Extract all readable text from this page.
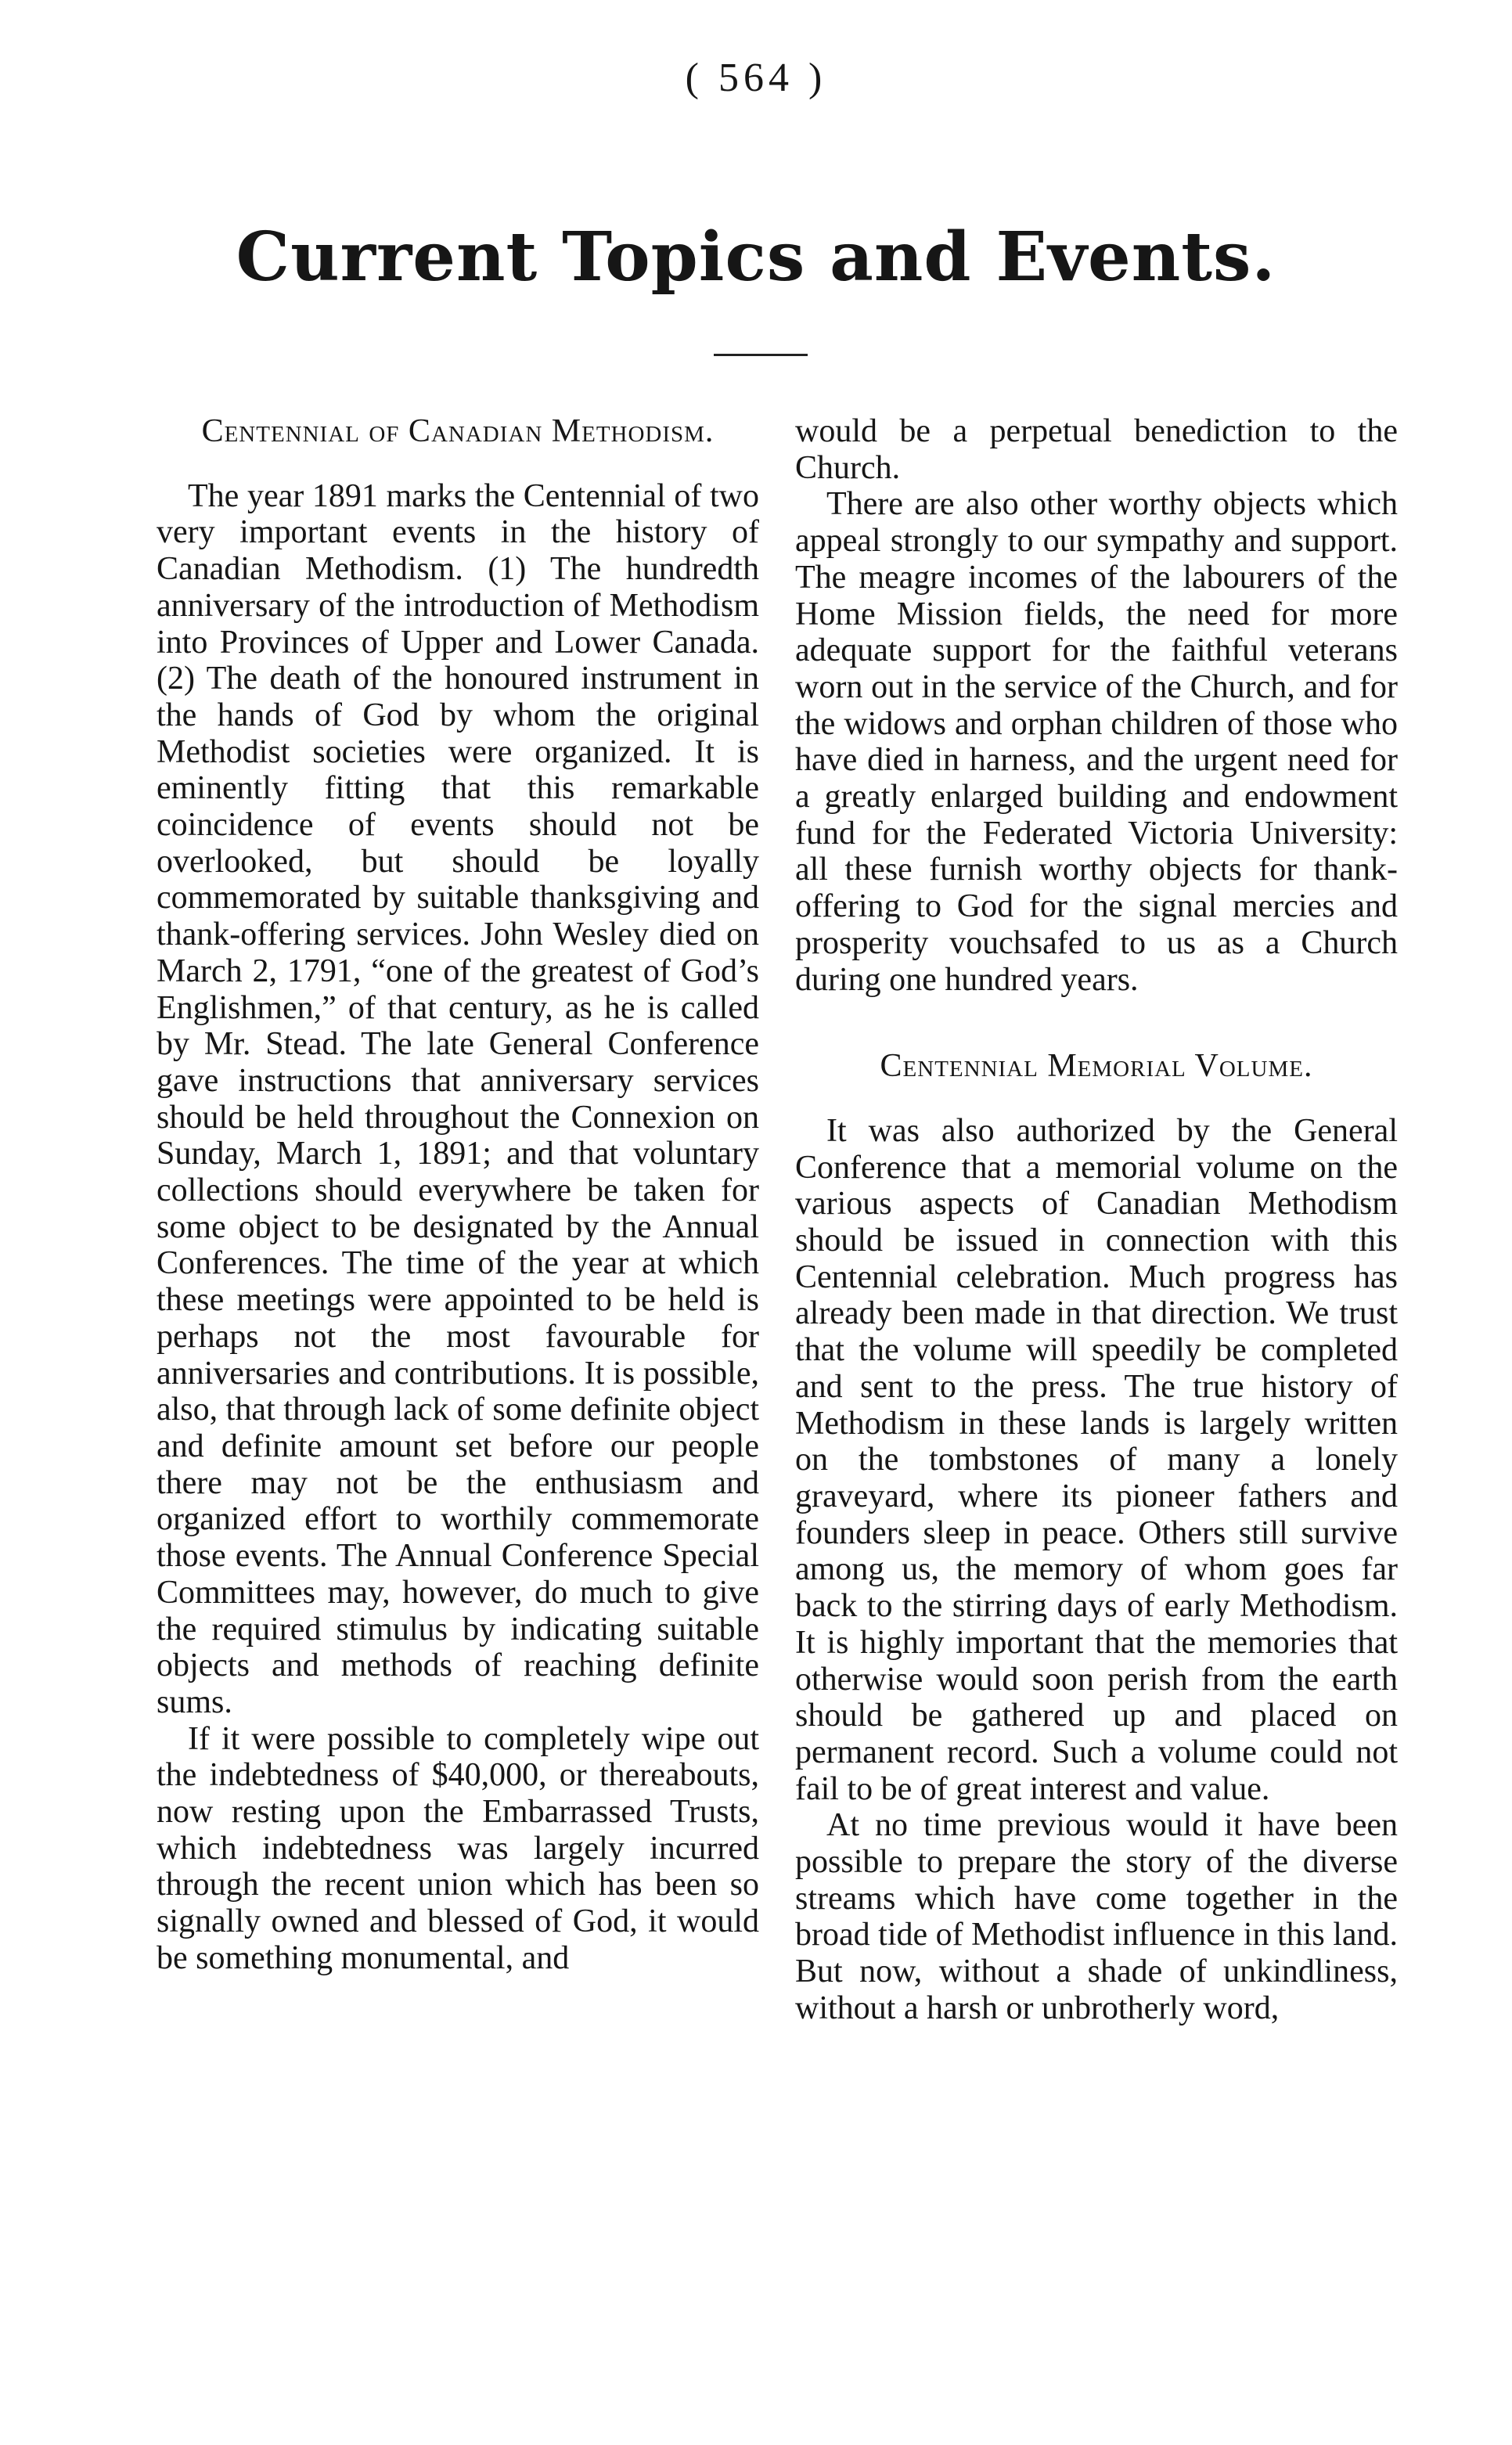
( 564 )
Current Topics and Events.
Centennial of Canadian Methodism.

The year 1891 marks the Centennial of two very important events in the history of Canadian Methodism. (1) The hundredth anniversary of the introduction of Methodism into Provinces of Upper and Lower Canada. (2) The death of the honoured instrument in the hands of God by whom the original Methodist societies were organized. It is eminently fitting that this remarkable coincidence of events should not be overlooked, but should be loyally commemorated by suitable thanksgiving and thank-offering services. John Wesley died on March 2, 1791, “one of the greatest of God’s Englishmen,” of that century, as he is called by Mr. Stead. The late General Conference gave instructions that anniversary services should be held throughout the Connexion on Sunday, March 1, 1891; and that voluntary collections should everywhere be taken for some object to be designated by the Annual Conferences. The time of the year at which these meetings were appointed to be held is perhaps not the most favourable for anniversaries and contributions. It is possible, also, that through lack of some definite object and definite amount set before our people there may not be the enthusiasm and organized effort to worthily commemorate those events. The Annual Conference Special Committees may, however, do much to give the required stimulus by indicating suitable objects and methods of reaching definite sums.

If it were possible to completely wipe out the indebtedness of $40,000, or thereabouts, now resting upon the Embarrassed Trusts, which indebtedness was largely incurred through the recent union which has been so signally owned and blessed of God, it would be something monumental, and

would be a perpetual benediction to the Church.

There are also other worthy objects which appeal strongly to our sympathy and support. The meagre incomes of the labourers of the Home Mission fields, the need for more adequate support for the faithful veterans worn out in the service of the Church, and for the widows and orphan children of those who have died in harness, and the urgent need for a greatly enlarged building and endowment fund for the Federated Victoria University: all these furnish worthy objects for thank-offering to God for the signal mercies and prosperity vouchsafed to us as a Church during one hundred years.

Centennial Memorial Volume.

It was also authorized by the General Conference that a memorial volume on the various aspects of Canadian Methodism should be issued in connection with this Centennial celebration. Much progress has already been made in that direction. We trust that the volume will speedily be completed and sent to the press. The true history of Methodism in these lands is largely written on the tombstones of many a lonely graveyard, where its pioneer fathers and founders sleep in peace. Others still survive among us, the memory of whom goes far back to the stirring days of early Methodism. It is highly important that the memories that otherwise would soon perish from the earth should be gathered up and placed on permanent record. Such a volume could not fail to be of great interest and value.

At no time previous would it have been possible to prepare the story of the diverse streams which have come together in the broad tide of Methodist influence in this land. But now, without a shade of unkindliness, without a harsh or unbrotherly word,
